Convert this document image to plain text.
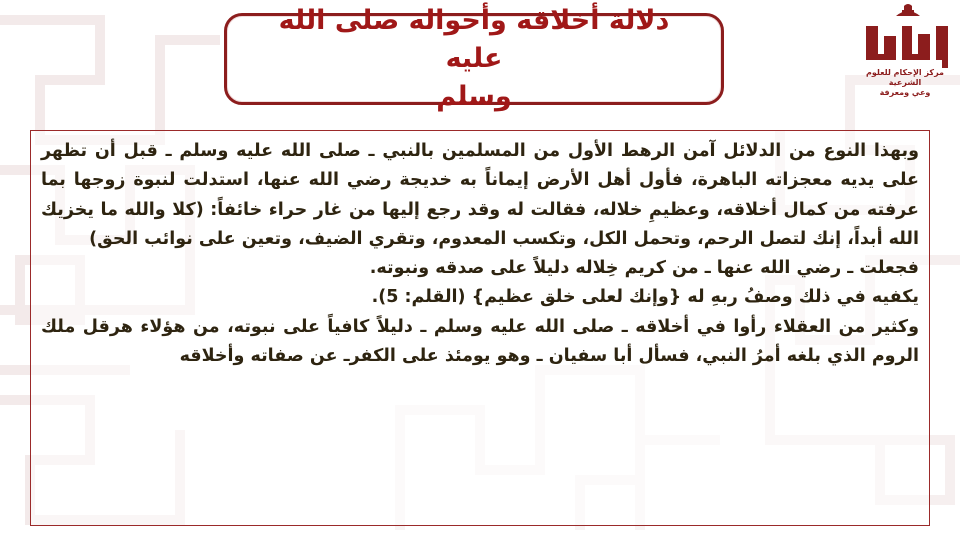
دلالة أخلاقه وأحواله صلى الله عليه
وسلم
مركز الإحكام للعلوم الشرعية
وعي ومعرفة

وبهذا النوع من الدلائل آمن الرهط الأول من المسلمين بالنبي ـ صلى الله عليه وسلم ـ قبل أن تظهر على يديه معجزاته الباهرة، فأول أهل الأرض إيماناً به خديجة رضي الله عنها، استدلت لنبوة زوجها بما عرفته من كمال أخلاقه، وعظيمِ خلاله، فقالت له وقد رجع إليها من غار حراء خائفاً: (كلا والله ما يخزيك الله أبداً، إنك لتصل الرحم، وتحمل الكل، وتكسب المعدوم، وتقري الضيف، وتعين على نوائب الحق)

فجعلت ـ رضي الله عنها ـ من كريم خِلاله دليلاً على صدقه ونبوته.

يكفيه في ذلك وصفُ ربهِ له {وإنك لعلى خلق عظيم} (القلم: 5).

وكثير من العقلاء رأوا في أخلاقه ـ صلى الله عليه وسلم ـ دليلاً كافياً على نبوته، من هؤلاء هرقل ملك الروم الذي بلغه أمرُ النبي، فسأل أبا سفيان ـ وهو يومئذ على الكفرـ عن صفاته وأخلاقه
